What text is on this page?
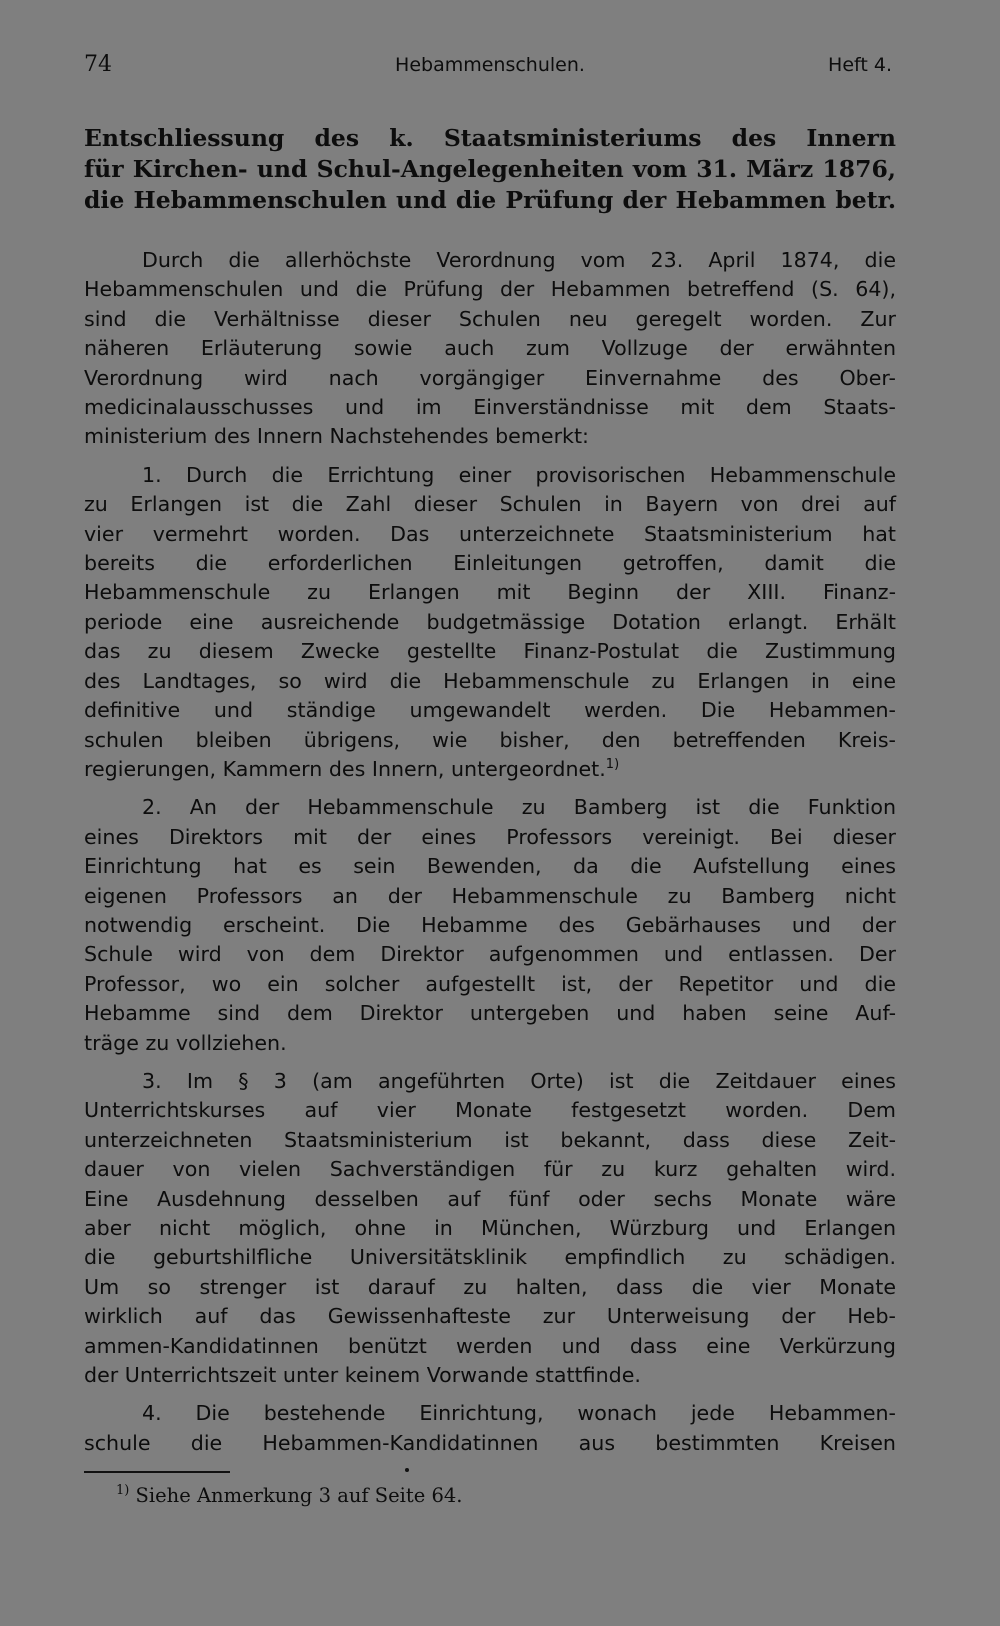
74	Hebammenschulen.	Heft 4.
Entschliessung des k. Staatsministeriums des Innern
für Kirchen- und Schul-Angelegenheiten vom 31. März 1876,
die Hebammenschulen und die Prüfung der Hebammen betr.
Durch die allerhöchste Verordnung vom 23. April 1874, die
Hebammenschulen und die Prüfung der Hebammen betreffend (S. 64),
sind die Verhältnisse dieser Schulen neu geregelt worden. Zur
näheren Erläuterung sowie auch zum Vollzuge der erwähnten
Verordnung wird nach vorgängiger Einvernahme des Ober-
medicinalausschusses und im Einverständnisse mit dem Staats-
ministerium des Innern Nachstehendes bemerkt:
1. Durch die Errichtung einer provisorischen Hebammenschule
zu Erlangen ist die Zahl dieser Schulen in Bayern von drei auf
vier vermehrt worden. Das unterzeichnete Staatsministerium hat
bereits die erforderlichen Einleitungen getroffen, damit die
Hebammenschule zu Erlangen mit Beginn der XIII. Finanz-
periode eine ausreichende budgetmässige Dotation erlangt. Erhält
das zu diesem Zwecke gestellte Finanz-Postulat die Zustimmung
des Landtages, so wird die Hebammenschule zu Erlangen in eine
definitive und ständige umgewandelt werden. Die Hebammen-
schulen bleiben übrigens, wie bisher, den betreffenden Kreis-
regierungen, Kammern des Innern, untergeordnet.$^{1)}$
2. An der Hebammenschule zu Bamberg ist die Funktion
eines Direktors mit der eines Professors vereinigt. Bei dieser
Einrichtung hat es sein Bewenden, da die Aufstellung eines
eigenen Professors an der Hebammenschule zu Bamberg nicht
notwendig erscheint. Die Hebamme des Gebärhauses und der
Schule wird von dem Direktor aufgenommen und entlassen. Der
Professor, wo ein solcher aufgestellt ist, der Repetitor und die
Hebamme sind dem Direktor untergeben und haben seine Auf-
träge zu vollziehen.
3. Im § 3 (am angeführten Orte) ist die Zeitdauer eines
Unterrichtskurses auf vier Monate festgesetzt worden. Dem
unterzeichneten Staatsministerium ist bekannt, dass diese Zeit-
dauer von vielen Sachverständigen für zu kurz gehalten wird.
Eine Ausdehnung desselben auf fünf oder sechs Monate wäre
aber nicht möglich, ohne in München, Würzburg und Erlangen
die geburtshilfliche Universitätsklinik empfindlich zu schädigen.
Um so strenger ist darauf zu halten, dass die vier Monate
wirklich auf das Gewissenhafteste zur Unterweisung der Heb-
ammen-Kandidatinnen benützt werden und dass eine Verkürzung
der Unterrichtszeit unter keinem Vorwande stattfinde.
4. Die bestehende Einrichtung, wonach jede Hebammen-
schule die Hebammen-Kandidatinnen aus bestimmten Kreisen
$^{1)}$ Siehe Anmerkung 3 auf Seite 64.
